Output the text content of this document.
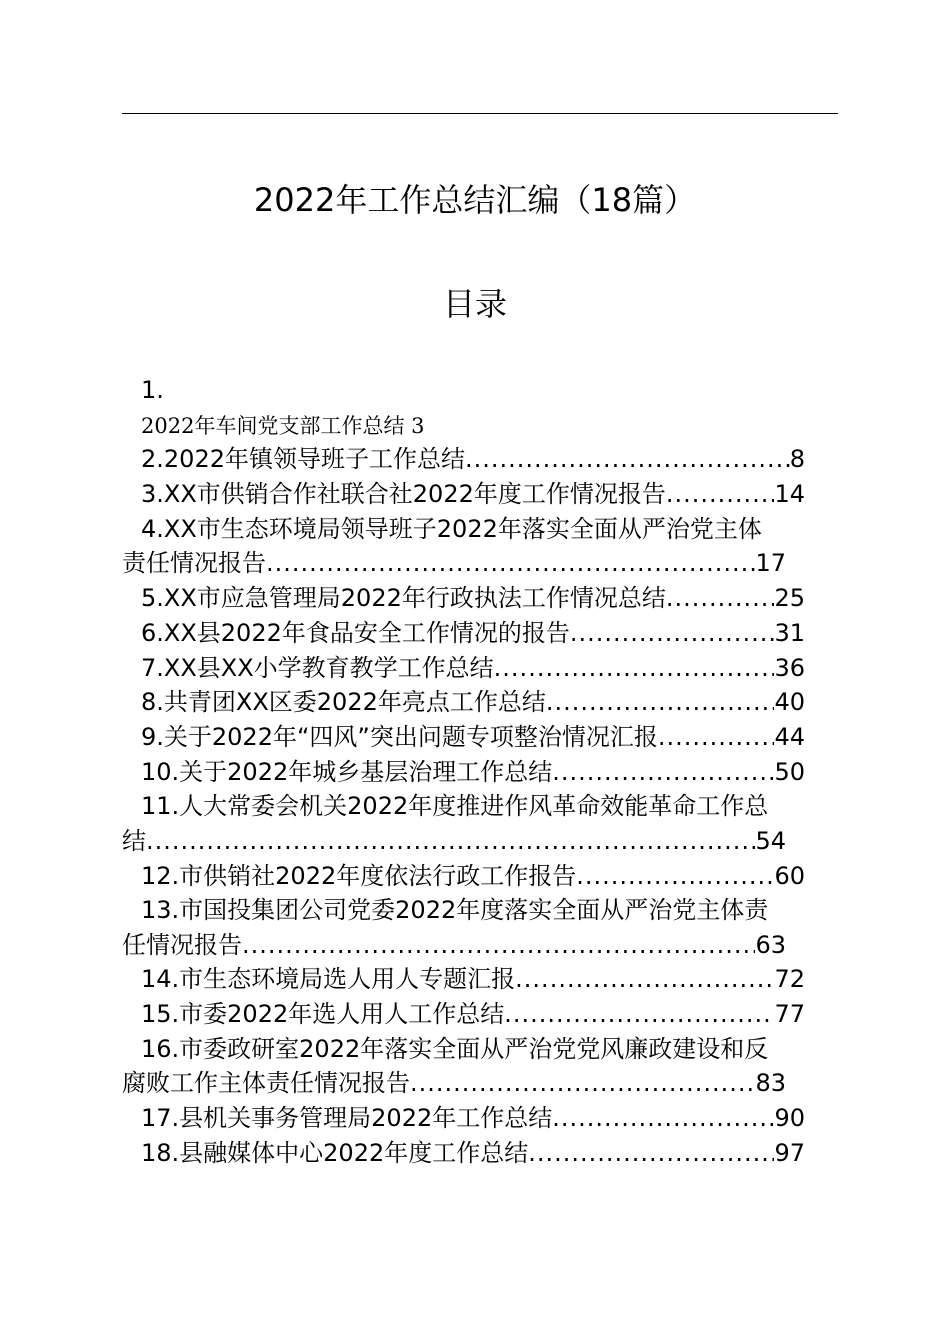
2022年工作总结汇编（18篇）
目录
1.
2022年车间党支部工作总结 3
2.2022年镇领导班子工作总结 .....	8
3.XX市供销合作社联合社2022年度工作情况报告 .....	14
4.XX市生态环境局领导班子2022年落实全面从严治党主体
责任情况报告 .....	17
5.XX市应急管理局2022年行政执法工作情况总结 .....	25
6.XX县2022年食品安全工作情况的报告 .....	31
7.XX县XX小学教育教学工作总结 .....	36
8.共青团XX区委2022年亮点工作总结 .....	40
9.关于2022年“四风”突出问题专项整治情况汇报 .....	44
10.关于2022年城乡基层治理工作总结 .....	50
11.人大常委会机关2022年度推进作风革命效能革命工作总
结 .....	54
12.市供销社2022年度依法行政工作报告 .....	60
13.市国投集团公司党委2022年度落实全面从严治党主体责
任情况报告 .....	63
14.市生态环境局选人用人专题汇报 .....	72
15.市委2022年选人用人工作总结 .....	77
16.市委政研室2022年落实全面从严治党党风廉政建设和反
腐败工作主体责任情况报告 .....	83
17.县机关事务管理局2022年工作总结 .....	90
18.县融媒体中心2022年度工作总结 .....	97
